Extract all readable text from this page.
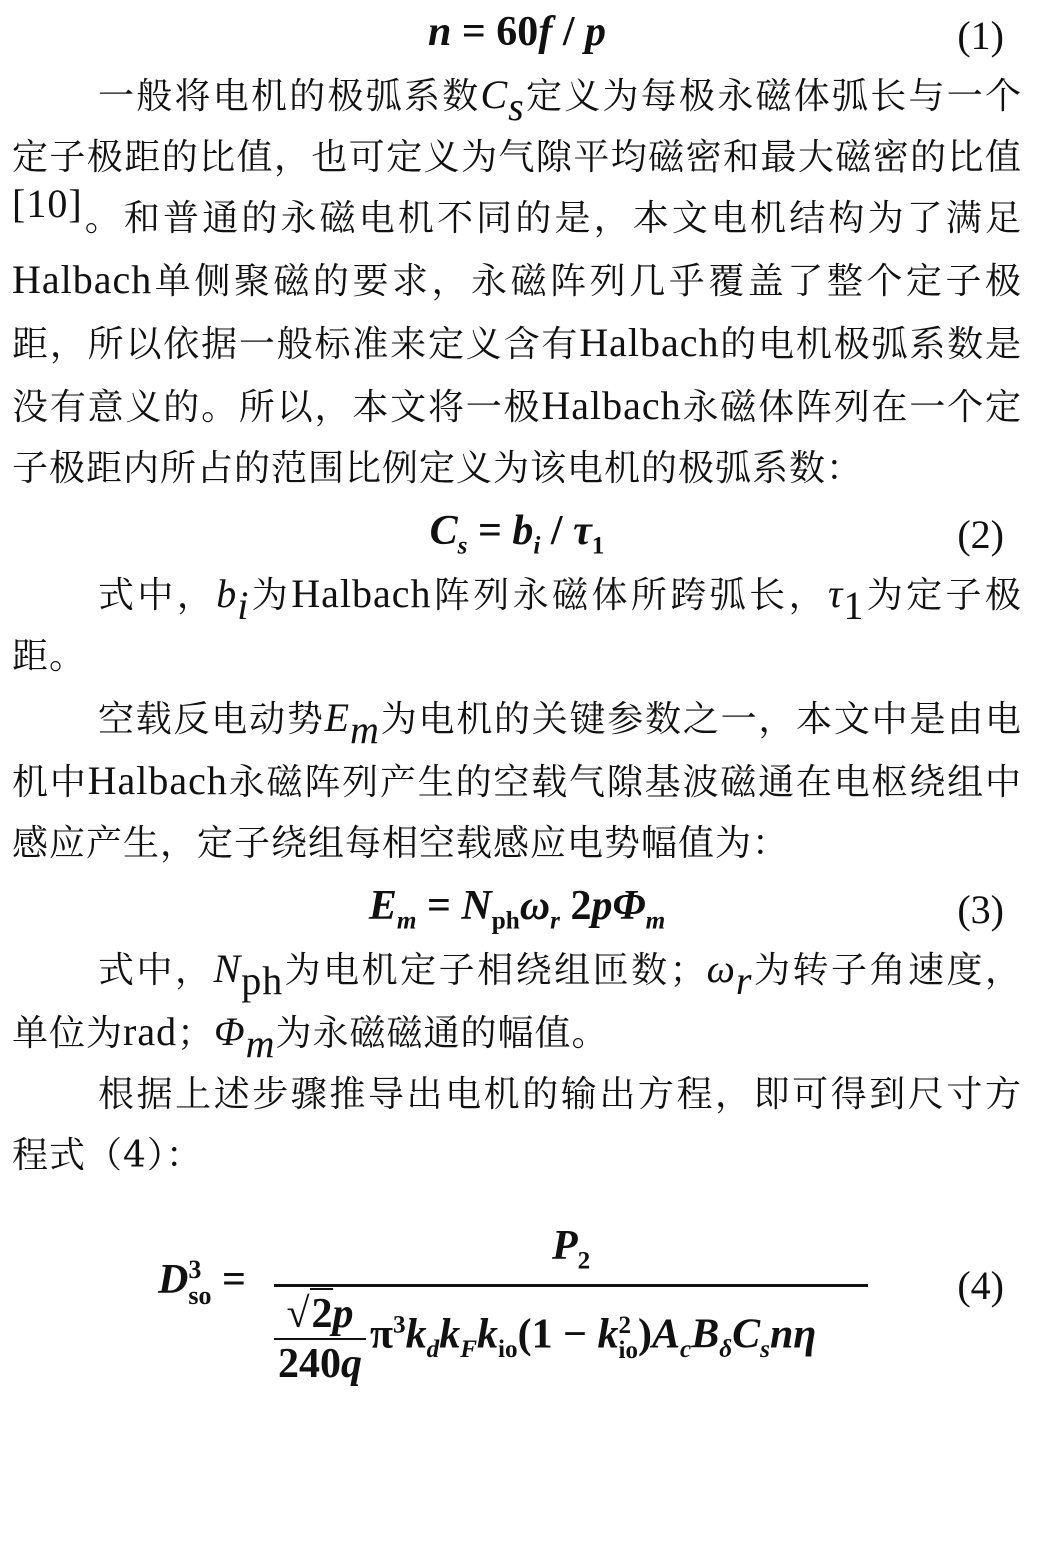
n = 60f / p	(1)

一般将电机的极弧系数$C_s$定义为每极永磁体弧长与一个定子极距的比值，也可定义为气隙平均磁密和最大磁密的比值[10]。和普通的永磁电机不同的是，本文电机结构为了满足Halbach单侧聚磁的要求，永磁阵列几乎覆盖了整个定子极距，所以依据一般标准来定义含有Halbach的电机极弧系数是没有意义的。所以，本文将一极Halbach永磁体阵列在一个定子极距内所占的范围比例定义为该电机的极弧系数：

$C_s = b_i / \tau_1$	(2)

式中，$b_i$为Halbach阵列永磁体所跨弧长，$\tau_1$为定子极距。

空载反电动势$E_m$为电机的关键参数之一，本文中是由电机中Halbach永磁阵列产生的空载气隙基波磁通在电枢绕组中感应产生，定子绕组每相空载感应电势幅值为：

$E_m = N_{ph}\omega_r$ $2p\Phi_m$	(3)

式中，$N_{ph}$为电机定子相绕组匝数；$\omega_r$为转子角速度，单位为rad；$\Phi_m$为永磁磁通的幅值。

根据上述步骤推导出电机的输出方程，即可得到尺寸方程式（4）：

D 3
so =
$P_2$
$\frac{√2p}{240q} \pi^3k_dk_Fk_{io}(1 - k$ 2
io )$A_cB_\delta C_sn\eta$
(4)
